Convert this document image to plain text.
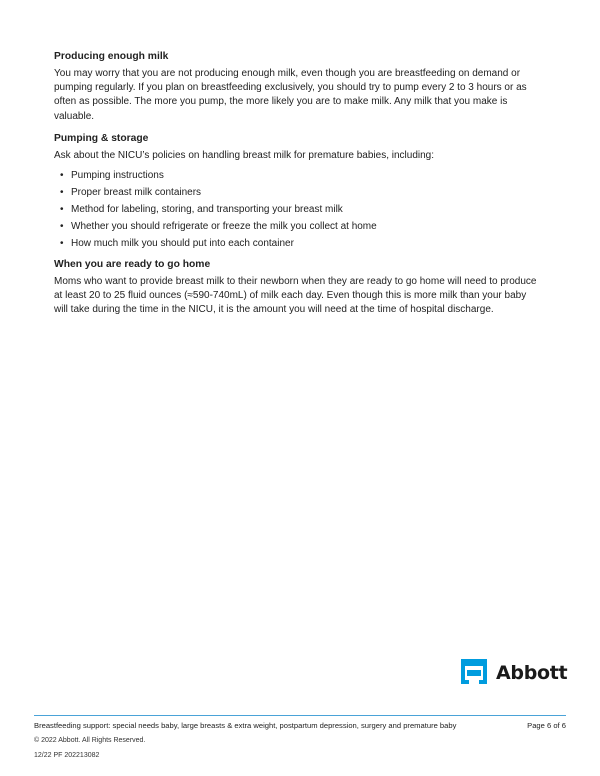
Producing enough milk

You may worry that you are not producing enough milk, even though you are breastfeeding on demand or pumping regularly. If you plan on breastfeeding exclusively, you should try to pump every 2 to 3 hours or as often as possible. The more you pump, the more likely you are to make milk. Any milk that you make is valuable.

Pumping & storage

Ask about the NICU’s policies on handling breast milk for premature babies, including:

• Pumping instructions
• Proper breast milk containers
• Method for labeling, storing, and transporting your breast milk
• Whether you should refrigerate or freeze the milk you collect at home
• How much milk you should put into each container
When you are ready to go home

Moms who want to provide breast milk to their newborn when they are ready to go home will need to produce at least 20 to 25 fluid ounces (≈590-740mL) of milk each day. Even though this is more milk than your baby will take during the time in the NICU, it is the amount you will need at the time of hospital discharge.

Abbott
Breastfeeding support: special needs baby, large breasts & extra weight, postpartum depression, surgery and premature baby	Page 6 of 6
© 2022 Abbott. All Rights Reserved.
12/22 PF 202213082
